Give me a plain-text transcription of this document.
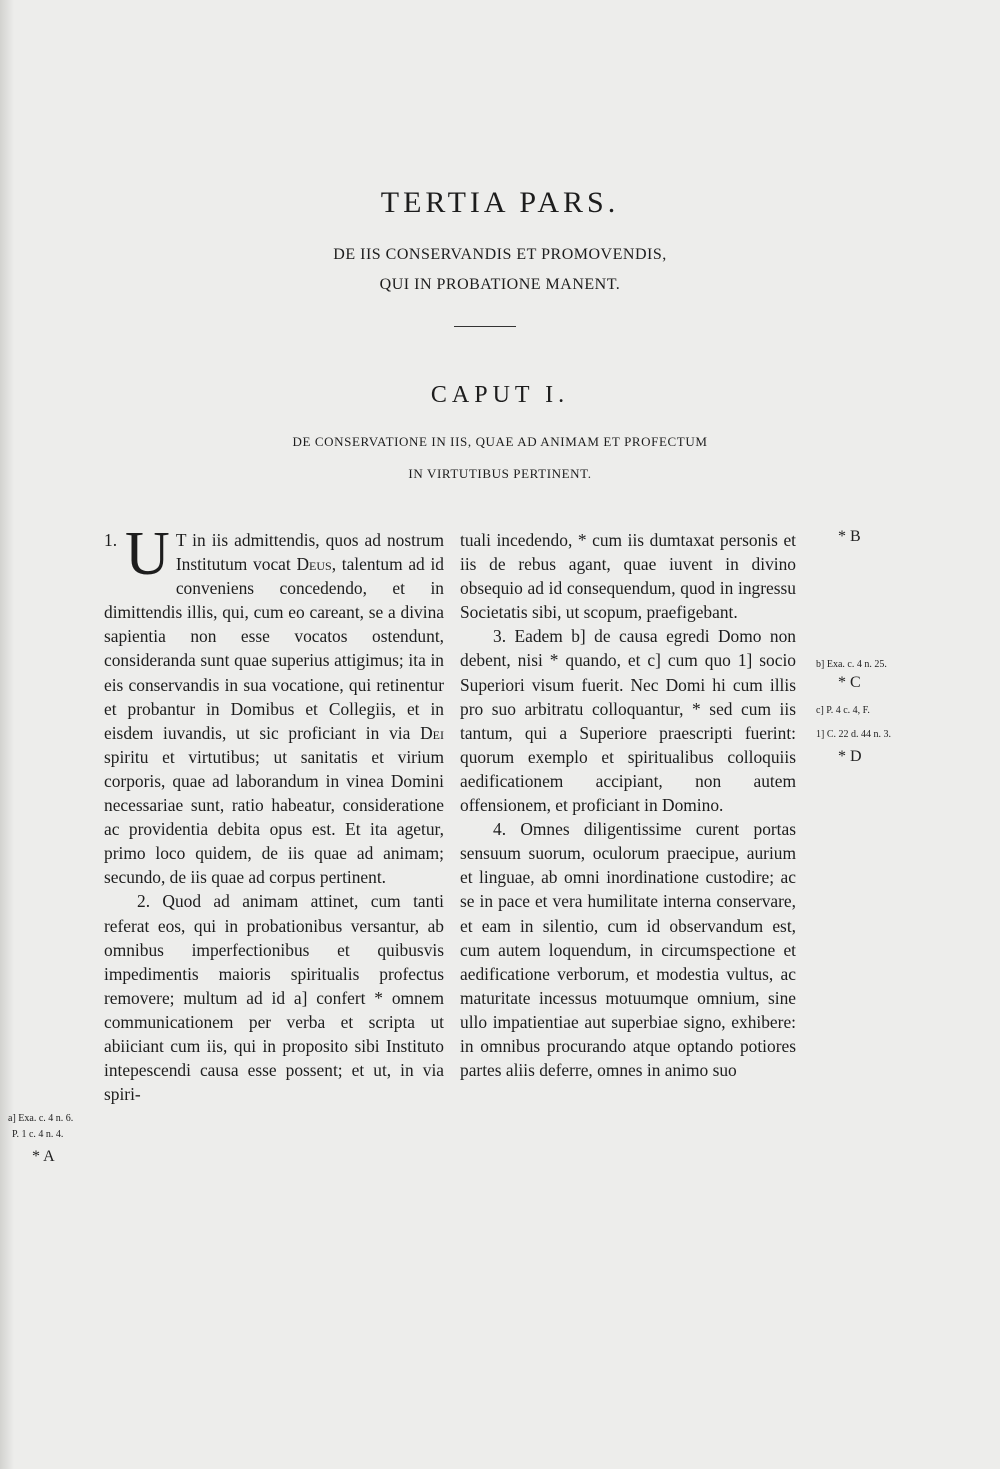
TERTIA PARS.
DE IIS CONSERVANDIS ET PROMOVENDIS,
QUI IN PROBATIONE MANENT.
CAPUT I.
DE CONSERVATIONE IN IIS, QUAE AD ANIMAM ET PROFECTUM
IN VIRTUTIBUS PERTINENT.

1. U T in iis admittendis, quos ad nostrum Institutum vocat Deus, talentum ad id conveniens concedendo, et in dimittendis illis, qui, cum eo careant, se a divina sapientia non esse vocatos ostendunt, consideranda sunt quae superius attigimus; ita in eis conservandis in sua vocatione, qui retinentur et probantur in Domibus et Collegiis, et in eisdem iuvandis, ut sic proficiant in via Dei spiritu et virtutibus; ut sanitatis et virium corporis, quae ad laborandum in vinea Domini necessariae sunt, ratio habeatur, consideratione ac providentia debita opus est. Et ita agetur, primo loco quidem, de iis quae ad animam; secundo, de iis quae ad corpus pertinent.

2. Quod ad animam attinet, cum tanti referat eos, qui in probationibus versantur, ab omnibus imperfectionibus et quibusvis impedimentis maioris spiritualis profectus removere; multum ad id a] confert * omnem communicationem per verba et scripta ut abiiciant cum iis, qui in proposito sibi Instituto intepescendi causa esse possent; et ut, in via spiri-

tuali incedendo, * cum iis dumtaxat personis et iis de rebus agant, quae iuvent in divino obsequio ad id consequendum, quod in ingressu Societatis sibi, ut scopum, praefigebant.

3. Eadem b] de causa egredi Domo non debent, nisi * quando, et c] cum quo 1] socio Superiori visum fuerit. Nec Domi hi cum illis pro suo arbitratu colloquantur, * sed cum iis tantum, qui a Superiore praescripti fuerint: quorum exemplo et spiritualibus colloquiis aedificationem accipiant, non autem offensionem, et proficiant in Domino.

4. Omnes diligentissime curent portas sensuum suorum, oculorum praecipue, aurium et linguae, ab omni inordinatione custodire; ac se in pace et vera humilitate interna conservare, et eam in silentio, cum id observandum est, cum autem loquendum, in circumspectione et aedificatione verborum, et modestia vultus, ac maturitate incessus motuumque omnium, sine ullo impatientiae aut superbiae signo, exhibere: in omnibus procurando atque optando potiores partes aliis deferre, omnes in animo suo

a] Exa. c. 4 n. 6.
P. 1 c. 4 n. 4.
* A
* B
b] Exa. c. 4 n. 25.
* C
c] P. 4 c. 4, F.
1] C. 22 d. 44 n. 3.
* D
